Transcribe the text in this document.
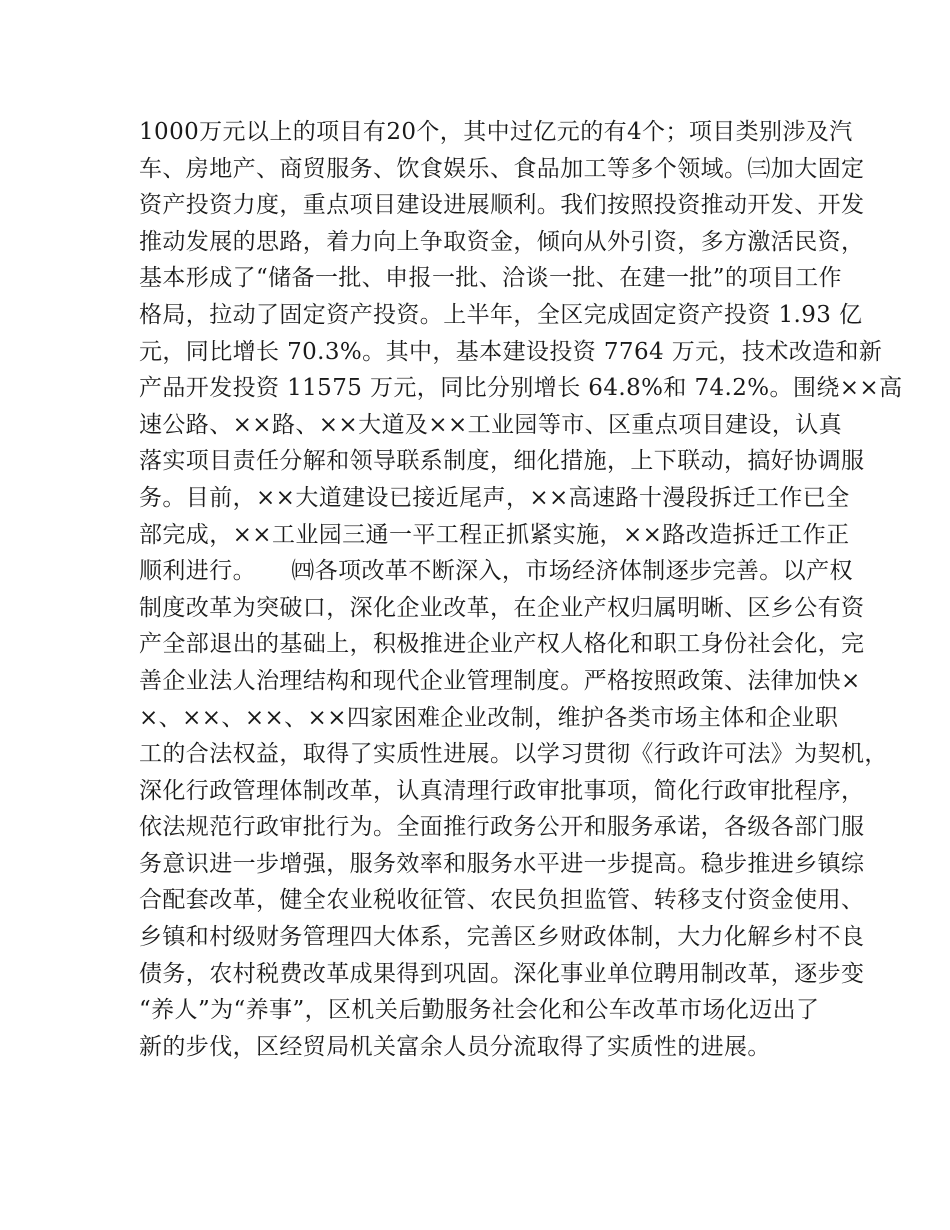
1000万元以上的项目有20个，其中过亿元的有4个；项目类别涉及汽
车、房地产、商贸服务、饮食娱乐、食品加工等多个领域。㈢加大固定
资产投资力度，重点项目建设进展顺利。我们按照投资推动开发、开发
推动发展的思路，着力向上争取资金，倾向从外引资，多方激活民资，
基本形成了“储备一批、申报一批、洽谈一批、在建一批”的项目工作
格局，拉动了固定资产投资。上半年，全区完成固定资产投资 1.93 亿
元，同比增长 70.3%。其中，基本建设投资 7764 万元，技术改造和新
产品开发投资 11575 万元，同比分别增长 64.8%和 74.2%。围绕××高
速公路、××路、××大道及××工业园等市、区重点项目建设，认真
落实项目责任分解和领导联系制度，细化措施，上下联动，搞好协调服
务。目前，××大道建设已接近尾声，××高速路十漫段拆迁工作已全
部完成，××工业园三通一平工程正抓紧实施，××路改造拆迁工作正
顺利进行。　　㈣各项改革不断深入，市场经济体制逐步完善。以产权
制度改革为突破口，深化企业改革，在企业产权归属明晰、区乡公有资
产全部退出的基础上，积极推进企业产权人格化和职工身份社会化，完
善企业法人治理结构和现代企业管理制度。严格按照政策、法律加快×
×、××、××、××四家困难企业改制，维护各类市场主体和企业职
工的合法权益，取得了实质性进展。以学习贯彻《行政许可法》为契机，
深化行政管理体制改革，认真清理行政审批事项，简化行政审批程序，
依法规范行政审批行为。全面推行政务公开和服务承诺，各级各部门服
务意识进一步增强，服务效率和服务水平进一步提高。稳步推进乡镇综
合配套改革，健全农业税收征管、农民负担监管、转移支付资金使用、
乡镇和村级财务管理四大体系，完善区乡财政体制，大力化解乡村不良
债务，农村税费改革成果得到巩固。深化事业单位聘用制改革，逐步变
“养人”为“养事”，区机关后勤服务社会化和公车改革市场化迈出了
新的步伐，区经贸局机关富余人员分流取得了实质性的进展。
